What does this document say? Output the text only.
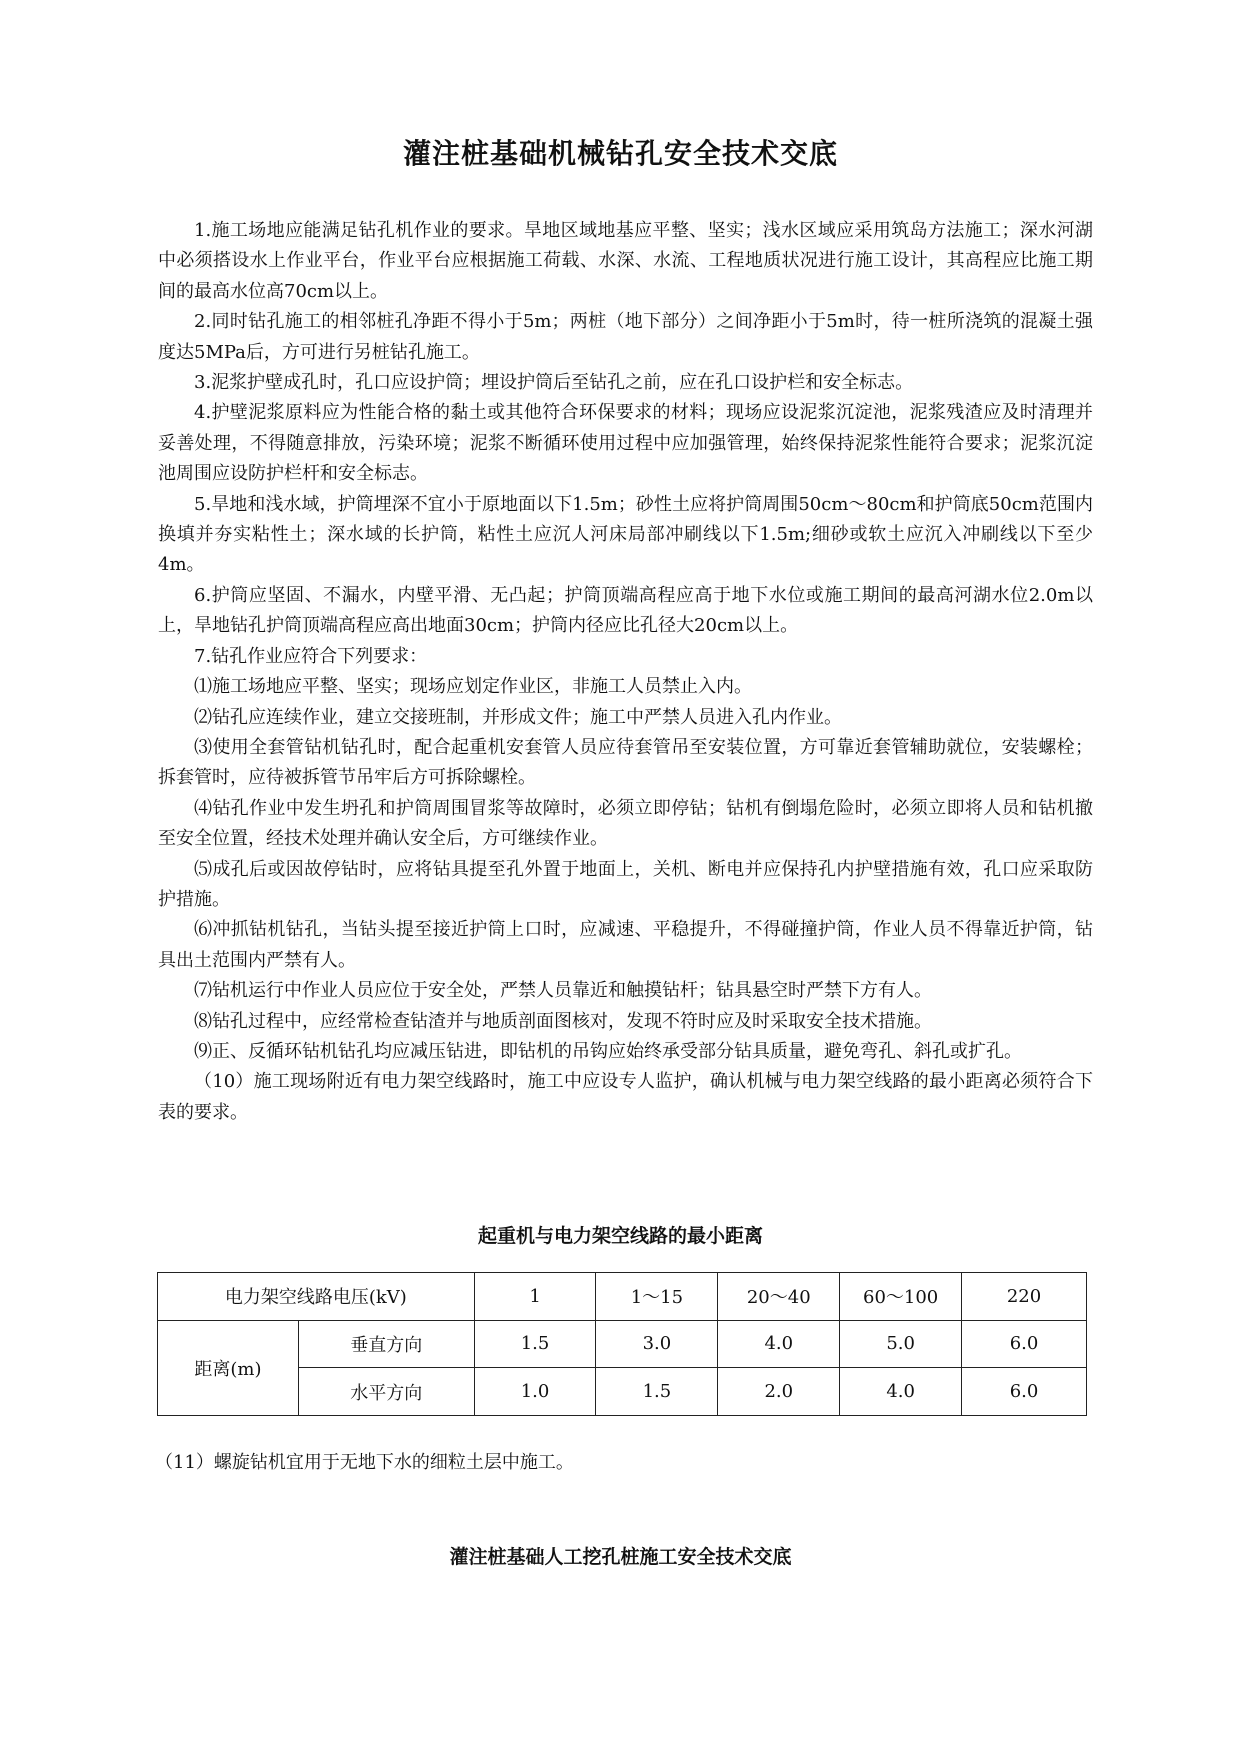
灌注桩基础机械钻孔安全技术交底

1.施工场地应能满足钻孔机作业的要求。旱地区域地基应平整、坚实；浅水区域应采用筑岛方法施工；深水河湖中必须搭设水上作业平台，作业平台应根据施工荷载、水深、水流、工程地质状况进行施工设计，其高程应比施工期间的最高水位高70cm以上。

2.同时钻孔施工的相邻桩孔净距不得小于5m；两桩（地下部分）之间净距小于5m时，待一桩所浇筑的混凝土强度达5MPa后，方可进行另桩钻孔施工。

3.泥浆护壁成孔时，孔口应设护筒；埋设护筒后至钻孔之前，应在孔口设护栏和安全标志。

4.护壁泥浆原料应为性能合格的黏土或其他符合环保要求的材料；现场应设泥浆沉淀池，泥浆残渣应及时清理并妥善处理，不得随意排放，污染环境；泥浆不断循环使用过程中应加强管理，始终保持泥浆性能符合要求；泥浆沉淀池周围应设防护栏杆和安全标志。

5.旱地和浅水域，护筒埋深不宜小于原地面以下1.5m；砂性土应将护筒周围50cm～80cm和护筒底50cm范围内换填并夯实粘性土；深水域的长护筒，粘性土应沉人河床局部冲刷线以下1.5m;细砂或软土应沉入冲刷线以下至少4m。

6.护筒应坚固、不漏水，内壁平滑、无凸起；护筒顶端高程应高于地下水位或施工期间的最高河湖水位2.0m以上，旱地钻孔护筒顶端高程应高出地面30cm；护筒内径应比孔径大20cm以上。

7.钻孔作业应符合下列要求：

⑴施工场地应平整、坚实；现场应划定作业区，非施工人员禁止入内。

⑵钻孔应连续作业，建立交接班制，并形成文件；施工中严禁人员进入孔内作业。

⑶使用全套管钻机钻孔时，配合起重机安套管人员应待套管吊至安装位置，方可靠近套管辅助就位，安装螺栓；拆套管时，应待被拆管节吊牢后方可拆除螺栓。

⑷钻孔作业中发生坍孔和护筒周围冒浆等故障时，必须立即停钻；钻机有倒塌危险时，必须立即将人员和钻机撤至安全位置，经技术处理并确认安全后，方可继续作业。

⑸成孔后或因故停钻时，应将钻具提至孔外置于地面上，关机、断电并应保持孔内护壁措施有效，孔口应采取防护措施。

⑹冲抓钻机钻孔，当钻头提至接近护筒上口时，应减速、平稳提升，不得碰撞护筒，作业人员不得靠近护筒，钻具出土范围内严禁有人。

⑺钻机运行中作业人员应位于安全处，严禁人员靠近和触摸钻杆；钻具悬空时严禁下方有人。

⑻钻孔过程中，应经常检查钻渣并与地质剖面图核对，发现不符时应及时采取安全技术措施。

⑼正、反循环钻机钻孔均应减压钻进，即钻机的吊钩应始终承受部分钻具质量，避免弯孔、斜孔或扩孔。

（10）施工现场附近有电力架空线路时，施工中应设专人监护，确认机械与电力架空线路的最小距离必须符合下表的要求。

起重机与电力架空线路的最小距离
电力架空线路电压(kV)		1	1～15	20～40	60～100	220
距离(m)	垂直方向	1.5	3.0	4.0	5.0	6.0
	水平方向	1.0	1.5	2.0	4.0	6.0

（11）螺旋钻机宜用于无地下水的细粒土层中施工。

灌注桩基础人工挖孔桩施工安全技术交底
